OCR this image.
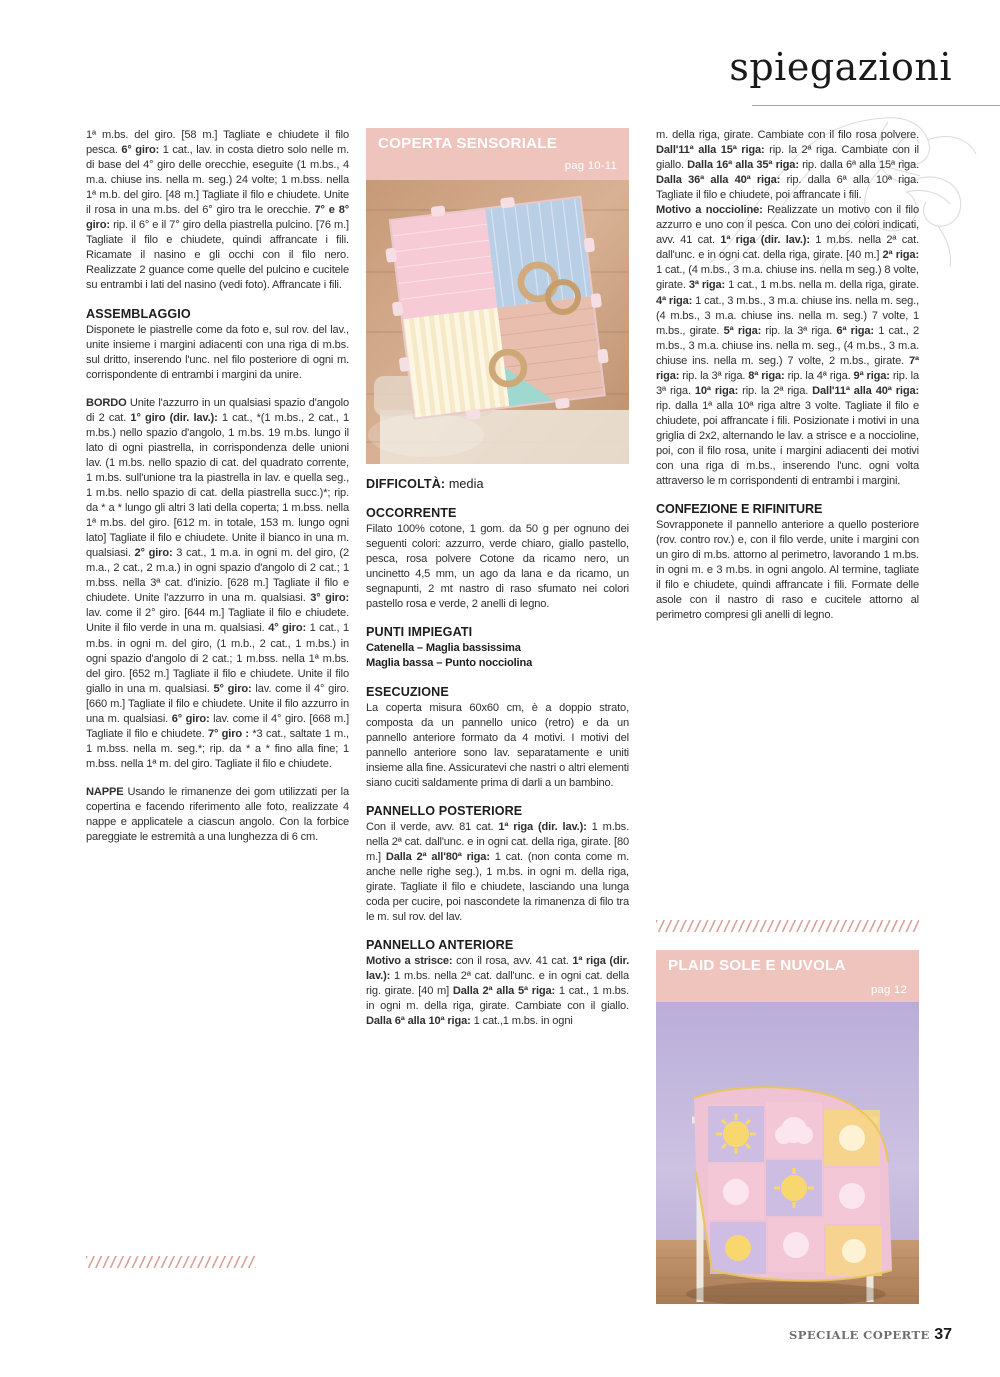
spiegazioni

1ª m.bs. del giro. [58 m.] Tagliate e chiudete il filo pesca. 6° giro: 1 cat., lav. in costa dietro solo nelle m. di base del 4° giro delle orecchie, eseguite (1 m.bs., 4 m.a. chiuse ins. nella m. seg.) 24 volte; 1 m.bss. nella 1ª m.b. del giro. [48 m.] Tagliate il filo e chiudete. Unite il rosa in una m.bs. del 6° giro tra le orecchie. 7° e 8° giro: rip. il 6° e il 7° giro della piastrella pulcino. [76 m.] Tagliate il filo e chiudete, quindi affrancate i fili. Ricamate il nasino e gli occhi con il filo nero. Realizzate 2 guance come quelle del pulcino e cucitele su entrambi i lati del nasino (vedi foto). Affrancate i fili.

ASSEMBLAGGIO

Disponete le piastrelle come da foto e, sul rov. del lav., unite insieme i margini adiacenti con una riga di m.bs. sul dritto, inserendo l'unc. nel filo posteriore di ogni m. corrispondente di entrambi i margini da unire.

BORDO Unite l'azzurro in un qualsiasi spazio d'angolo di 2 cat. 1° giro (dir. lav.): 1 cat., *(1 m.bs., 2 cat., 1 m.bs.) nello spazio d'angolo, 1 m.bs. 19 m.bs. lungo il lato di ogni piastrella, in corrispondenza delle unioni lav. (1 m.bs. nello spazio di cat. del quadrato corrente, 1 m.bs. sull'unione tra la piastrella in lav. e quella seg., 1 m.bs. nello spazio di cat. della piastrella succ.)*; rip. da * a * lungo gli altri 3 lati della coperta; 1 m.bss. nella 1ª m.bs. del giro. [612 m. in totale, 153 m. lungo ogni lato] Tagliate il filo e chiudete. Unite il bianco in una m. qualsiasi. 2° giro: 3 cat., 1 m.a. in ogni m. del giro, (2 m.a., 2 cat., 2 m.a.) in ogni spazio d'angolo di 2 cat.; 1 m.bss. nella 3ª cat. d'inizio. [628 m.] Tagliate il filo e chiudete. Unite l'azzurro in una m. qualsiasi. 3° giro: lav. come il 2° giro. [644 m.] Tagliate il filo e chiudete. Unite il filo verde in una m. qualsiasi. 4° giro: 1 cat., 1 m.bs. in ogni m. del giro, (1 m.b., 2 cat., 1 m.bs.) in ogni spazio d'angolo di 2 cat.; 1 m.bss. nella 1ª m.bs. del giro. [652 m.] Tagliate il filo e chiudete. Unite il filo giallo in una m. qualsiasi. 5° giro: lav. come il 4° giro. [660 m.] Tagliate il filo e chiudete. Unite il filo azzurro in una m. qualsiasi. 6° giro: lav. come il 4° giro. [668 m.] Tagliate il filo e chiudete. 7° giro : *3 cat., saltate 1 m., 1 m.bss. nella m. seg.*; rip. da * a * fino alla fine; 1 m.bss. nella 1ª m. del giro. Tagliate il filo e chiudete.

NAPPE Usando le rimanenze dei gom utilizzati per la copertina e facendo riferimento alle foto, realizzate 4 nappe e applicatele a ciascun angolo. Con la forbice pareggiate le estremità a una lunghezza di 6 cm.

COPERTA SENSORIALE
pag 10-11
DIFFICOLTÀ: media
OCCORRENTE

Filato 100% cotone, 1 gom. da 50 g per ognuno dei seguenti colori: azzurro, verde chiaro, giallo pastello, pesca, rosa polvere Cotone da ricamo nero, un uncinetto 4,5 mm, un ago da lana e da ricamo, un segnapunti, 2 mt nastro di raso sfumato nei colori pastello rosa e verde, 2 anelli di legno.

PUNTI IMPIEGATI

Catenella – Maglia bassissima

Maglia bassa – Punto nocciolina

ESECUZIONE

La coperta misura 60x60 cm, è a doppio strato, composta da un pannello unico (retro) e da un pannello anteriore formato da 4 motivi. I motivi del pannello anteriore sono lav. separatamente e uniti insieme alla fine. Assicuratevi che nastri o altri elementi siano cuciti saldamente prima di darli a un bambino.

PANNELLO POSTERIORE

Con il verde, avv. 81 cat. 1ª riga (dir. lav.): 1 m.bs. nella 2ª cat. dall'unc. e in ogni cat. della riga, girate. [80 m.] Dalla 2ª all'80ª riga: 1 cat. (non conta come m. anche nelle righe seg.), 1 m.bs. in ogni m. della riga, girate. Tagliate il filo e chiudete, lasciando una lunga coda per cucire, poi nascondete la rimanenza di filo tra le m. sul rov. del lav.

PANNELLO ANTERIORE

Motivo a strisce: con il rosa, avv. 41 cat. 1ª riga (dir. lav.): 1 m.bs. nella 2ª cat. dall'unc. e in ogni cat. della rig. girate. [40 m] Dalla 2ª alla 5ª riga: 1 cat., 1 m.bs. in ogni m. della riga, girate. Cambiate con il giallo. Dalla 6ª alla 10ª riga: 1 cat.,1 m.bs. in ogni

m. della riga, girate. Cambiate con il filo rosa polvere. Dall'11ª alla 15ª riga: rip. la 2ª riga. Cambiate con il giallo. Dalla 16ª alla 35ª riga: rip. dalla 6ª alla 15ª riga. Dalla 36ª alla 40ª riga: rip. dalla 6ª alla 10ª riga. Tagliate il filo e chiudete, poi affrancate i fili.
Motivo a noccioline: Realizzate un motivo con il filo azzurro e uno con il pesca. Con uno dei colori indicati, avv. 41 cat. 1ª riga (dir. lav.): 1 m.bs. nella 2ª cat. dall'unc. e in ogni cat. della riga, girate. [40 m.] 2ª riga: 1 cat., (4 m.bs., 3 m.a. chiuse ins. nella m seg.) 8 volte, girate. 3ª riga: 1 cat., 1 m.bs. nella m. della riga, girate. 4ª riga: 1 cat., 3 m.bs., 3 m.a. chiuse ins. nella m. seg., (4 m.bs., 3 m.a. chiuse ins. nella m. seg.) 7 volte, 1 m.bs., girate. 5ª riga: rip. la 3ª riga. 6ª riga: 1 cat., 2 m.bs., 3 m.a. chiuse ins. nella m. seg., (4 m.bs., 3 m.a. chiuse ins. nella m. seg.) 7 volte, 2 m.bs., girate. 7ª riga: rip. la 3ª riga. 8ª riga: rip. la 4ª riga. 9ª riga: rip. la 3ª riga. 10ª riga: rip. la 2ª riga. Dall'11ª alla 40ª riga: rip. dalla 1ª alla 10ª riga altre 3 volte. Tagliate il filo e chiudete, poi affrancate i fili. Posizionate i motivi in una griglia di 2x2, alternando le lav. a strisce e a noccioline, poi, con il filo rosa, unite i margini adiacenti dei motivi con una riga di m.bs., inserendo l'unc. ogni volta attraverso le m corrispondenti di entrambi i margini.

CONFEZIONE E RIFINITURE

Sovrapponete il pannello anteriore a quello posteriore (rov. contro rov.) e, con il filo verde, unite i margini con un giro di m.bs. attorno al perimetro, lavorando 1 m.bs. in ogni m. e 3 m.bs. in ogni angolo. Al termine, tagliate il filo e chiudete, quindi affrancate i fili. Formate delle asole con il nastro di raso e cucitele attorno al perimetro compresi gli anelli di legno.

PLAID SOLE E NUVOLA
pag 12
SPECIALE COPERTE 37
